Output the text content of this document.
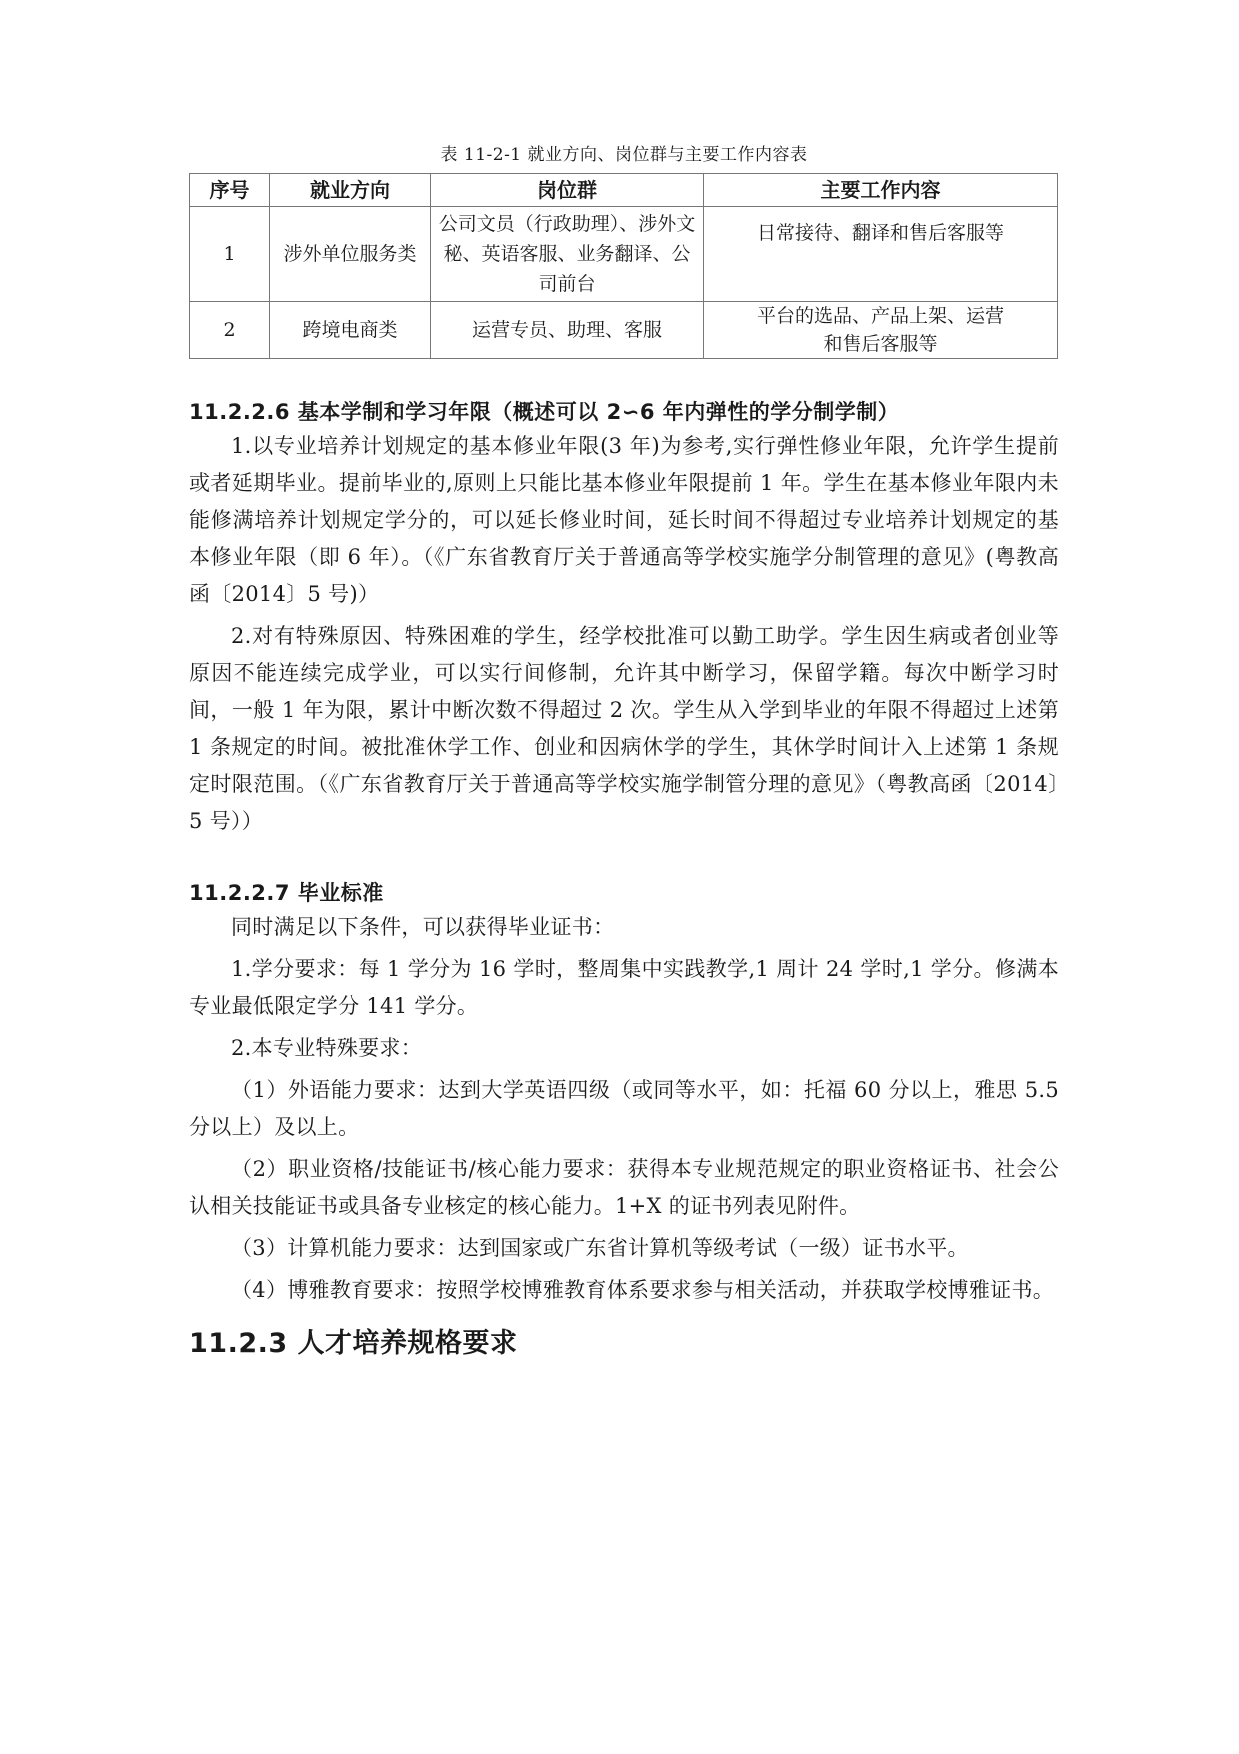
表 11-2-1 就业方向、岗位群与主要工作内容表
序号	就业方向	岗位群	主要工作内容
1	涉外单位服务类	公司文员（行政助理）、涉外文秘、英语客服、业务翻译、公司前台	日常接待、翻译和售后客服等
2	跨境电商类	运营专员、助理、客服	平台的选品、产品上架、运营和售后客服等
11.2.2.6 基本学制和学习年限（概述可以 2∽6 年内弹性的学分制学制）

1.以专业培养计划规定的基本修业年限(3 年)为参考,实行弹性修业年限，允许学生提前或者延期毕业。提前毕业的,原则上只能比基本修业年限提前 1 年。学生在基本修业年限内未能修满培养计划规定学分的，可以延长修业时间，延长时间不得超过专业培养计划规定的基本修业年限（即 6 年）。（《广东省教育厅关于普通高等学校实施学分制管理的意见》(粤教高函〔2014〕5 号)）

2.对有特殊原因、特殊困难的学生，经学校批准可以勤工助学。学生因生病或者创业等原因不能连续完成学业，可以实行间修制，允许其中断学习，保留学籍。每次中断学习时间，一般 1 年为限，累计中断次数不得超过 2 次。学生从入学到毕业的年限不得超过上述第 1 条规定的时间。被批准休学工作、创业和因病休学的学生，其休学时间计入上述第 1 条规定时限范围。（《广东省教育厅关于普通高等学校实施学制管分理的意见》（粤教高函〔2014〕5 号））

11.2.2.7 毕业标准

同时满足以下条件，可以获得毕业证书：

1.学分要求：每 1 学分为 16 学时，整周集中实践教学,1 周计 24 学时,1 学分。修满本专业最低限定学分 141 学分。

2.本专业特殊要求：

（1）外语能力要求：达到大学英语四级（或同等水平，如：托福 60 分以上，雅思 5.5 分以上）及以上。

（2）职业资格/技能证书/核心能力要求：获得本专业规范规定的职业资格证书、社会公认相关技能证书或具备专业核定的核心能力。1+X 的证书列表见附件。

（3）计算机能力要求：达到国家或广东省计算机等级考试（一级）证书水平。

（4）博雅教育要求：按照学校博雅教育体系要求参与相关活动，并获取学校博雅证书。

11.2.3 人才培养规格要求
